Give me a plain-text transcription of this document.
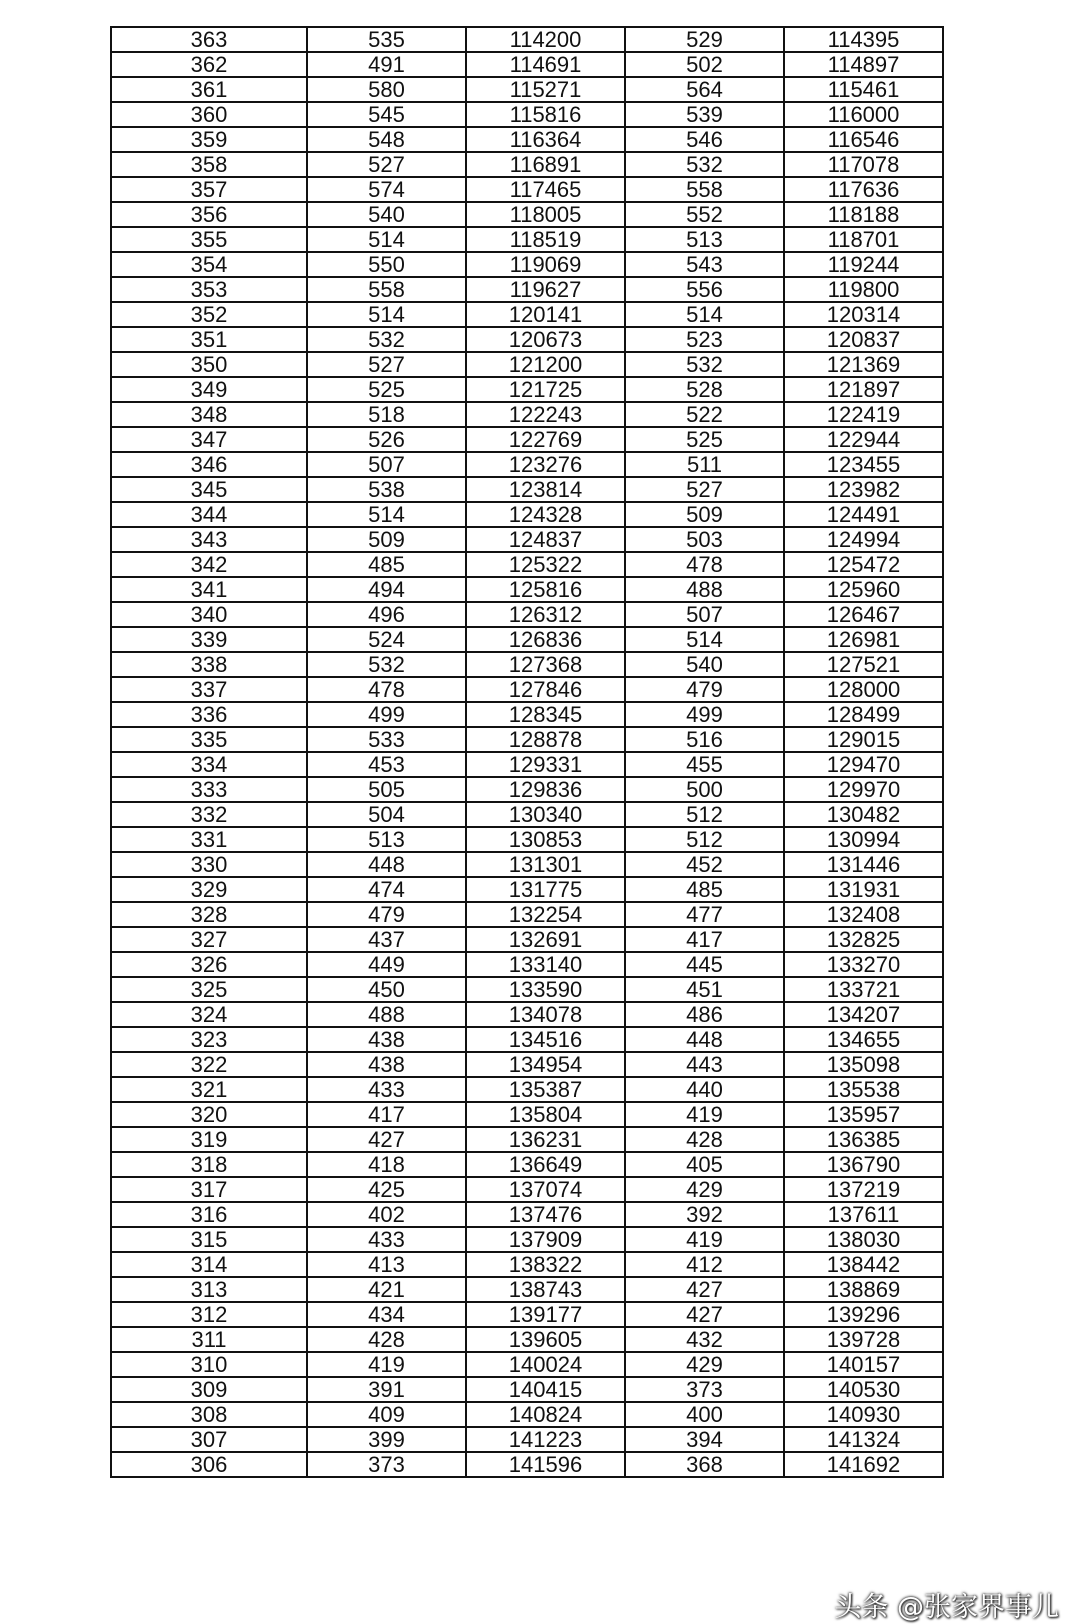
363	535	114200	529	114395
362	491	114691	502	114897
361	580	115271	564	115461
360	545	115816	539	116000
359	548	116364	546	116546
358	527	116891	532	117078
357	574	117465	558	117636
356	540	118005	552	118188
355	514	118519	513	118701
354	550	119069	543	119244
353	558	119627	556	119800
352	514	120141	514	120314
351	532	120673	523	120837
350	527	121200	532	121369
349	525	121725	528	121897
348	518	122243	522	122419
347	526	122769	525	122944
346	507	123276	511	123455
345	538	123814	527	123982
344	514	124328	509	124491
343	509	124837	503	124994
342	485	125322	478	125472
341	494	125816	488	125960
340	496	126312	507	126467
339	524	126836	514	126981
338	532	127368	540	127521
337	478	127846	479	128000
336	499	128345	499	128499
335	533	128878	516	129015
334	453	129331	455	129470
333	505	129836	500	129970
332	504	130340	512	130482
331	513	130853	512	130994
330	448	131301	452	131446
329	474	131775	485	131931
328	479	132254	477	132408
327	437	132691	417	132825
326	449	133140	445	133270
325	450	133590	451	133721
324	488	134078	486	134207
323	438	134516	448	134655
322	438	134954	443	135098
321	433	135387	440	135538
320	417	135804	419	135957
319	427	136231	428	136385
318	418	136649	405	136790
317	425	137074	429	137219
316	402	137476	392	137611
315	433	137909	419	138030
314	413	138322	412	138442
313	421	138743	427	138869
312	434	139177	427	139296
311	428	139605	432	139728
310	419	140024	429	140157
309	391	140415	373	140530
308	409	140824	400	140930
307	399	141223	394	141324
306	373	141596	368	141692
头条 @张家界事儿
